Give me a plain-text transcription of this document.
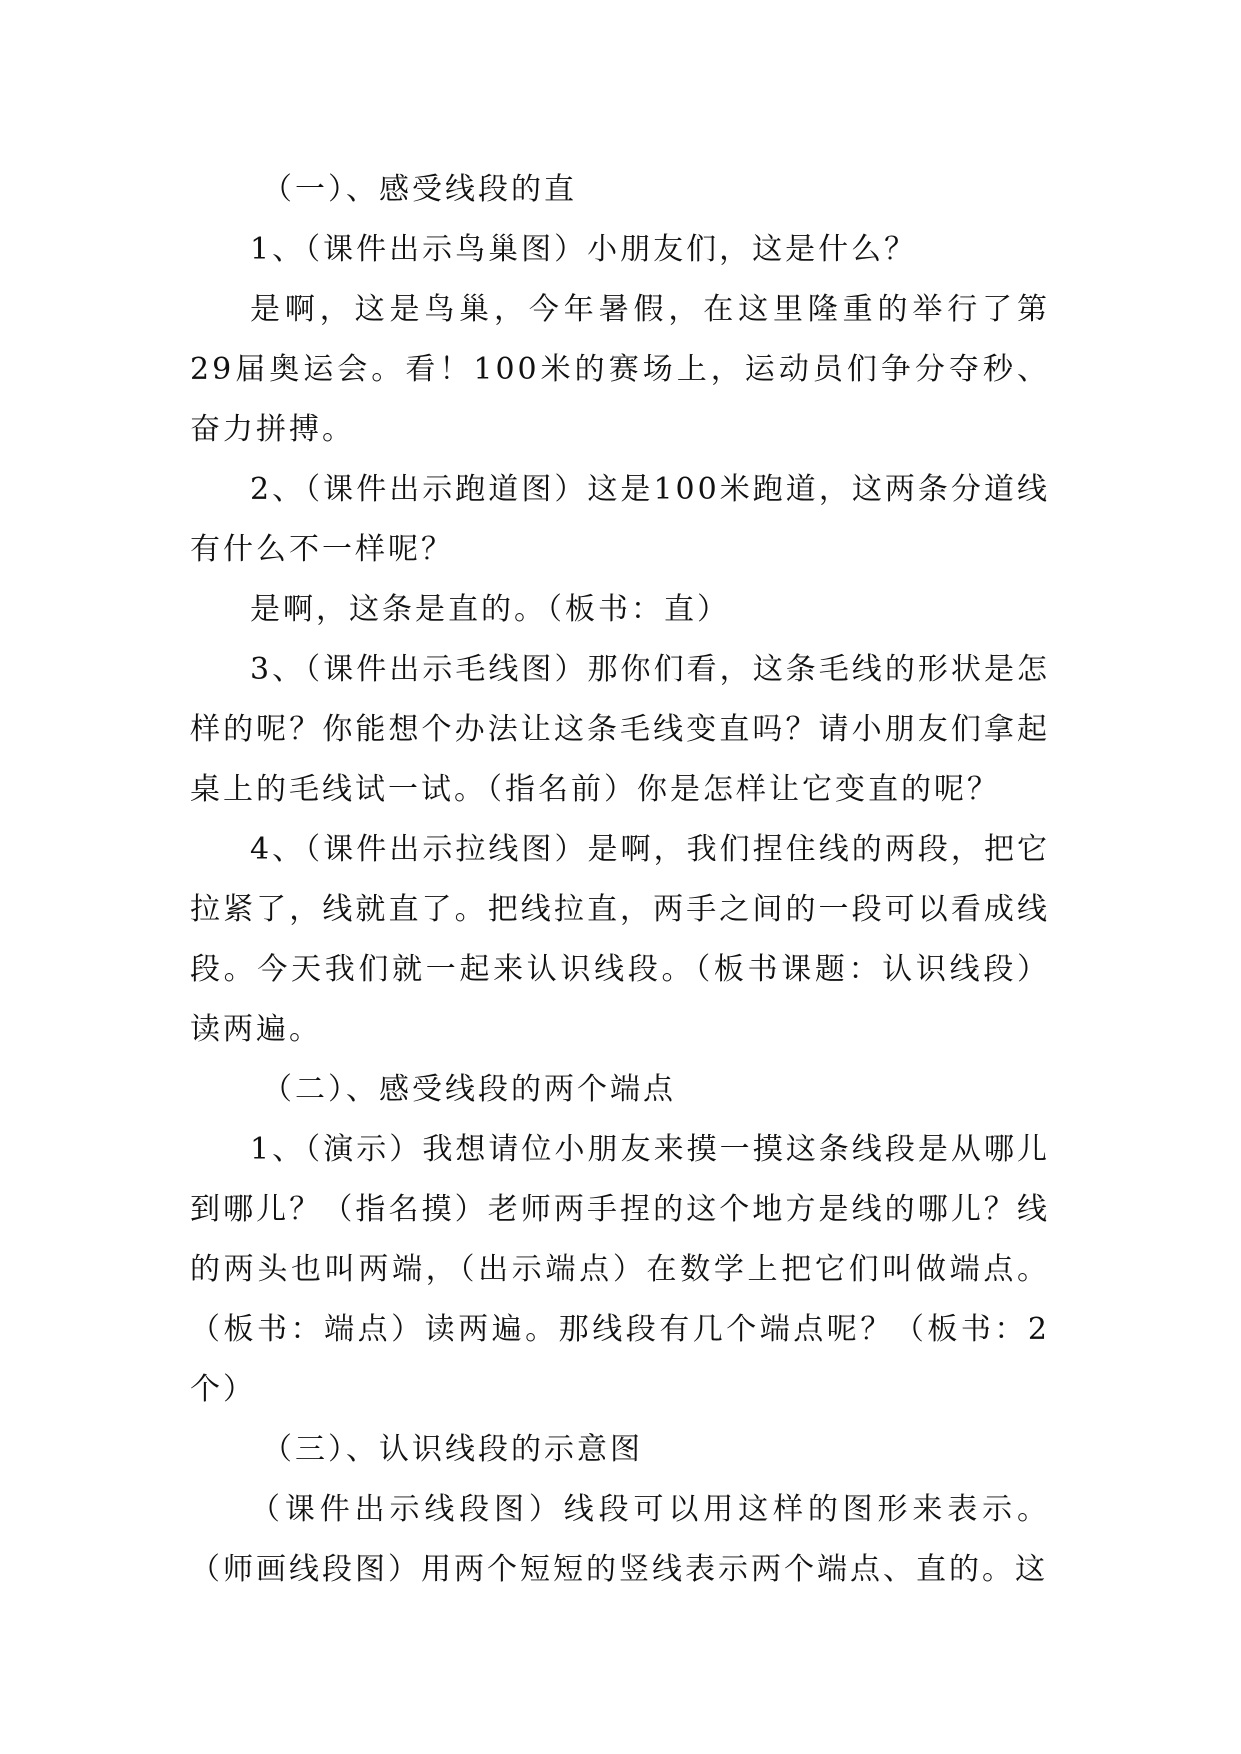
（一）、感受线段的直

1、（课件出示鸟巢图）小朋友们，这是什么？

是啊，这是鸟巢，今年暑假，在这里隆重的举行了第29届奥运会。看！100米的赛场上，运动员们争分夺秒、奋力拼搏。

2、（课件出示跑道图）这是100米跑道，这两条分道线有什么不一样呢？

是啊，这条是直的。（板书：直）

3、（课件出示毛线图）那你们看，这条毛线的形状是怎样的呢？你能想个办法让这条毛线变直吗？请小朋友们拿起桌上的毛线试一试。（指名前）你是怎样让它变直的呢？

4、（课件出示拉线图）是啊，我们捏住线的两段，把它拉紧了，线就直了。把线拉直，两手之间的一段可以看成线段。今天我们就一起来认识线段。（板书课题：认识线段）读两遍。

（二）、感受线段的两个端点

1、（演示）我想请位小朋友来摸一摸这条线段是从哪儿到哪儿？（指名摸）老师两手捏的这个地方是线的哪儿？线的两头也叫两端，（出示端点）在数学上把它们叫做端点。（板书：端点）读两遍。那线段有几个端点呢？（板书：2个）

（三）、认识线段的示意图

（课件出示线段图）线段可以用这样的图形来表示。（师画线段图）用两个短短的竖线表示两个端点、直的。这
